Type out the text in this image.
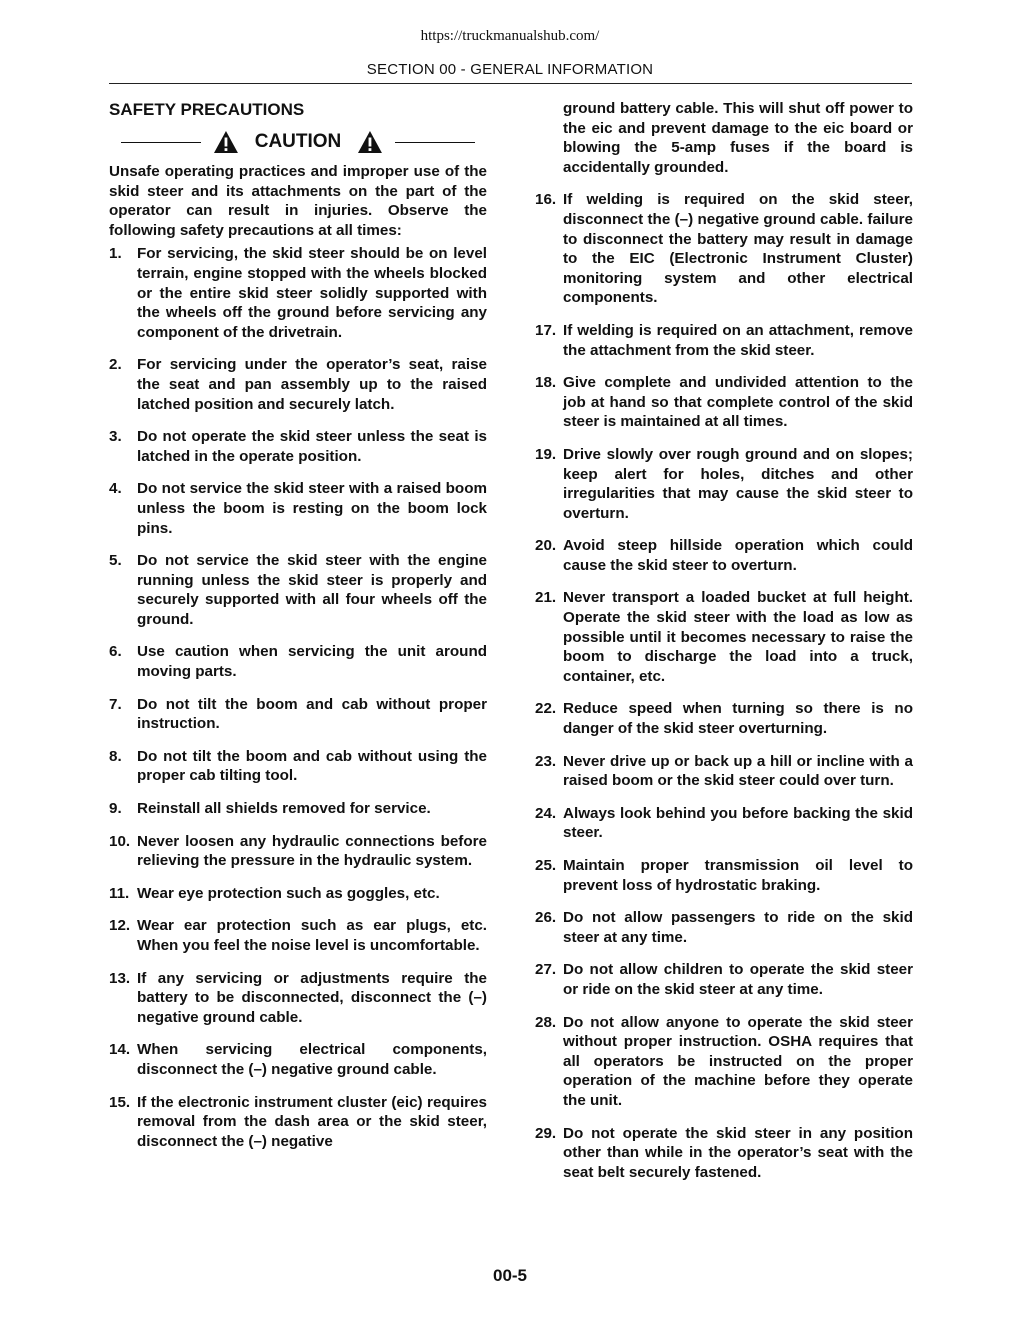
https://truckmanualshub.com/
SECTION 00 - GENERAL INFORMATION
SAFETY PRECAUTIONS
CAUTION

Unsafe operating practices and improper use of the skid steer and its attachments on the part of the operator can result in injuries. Observe the following safety precautions at all times:

1.	For servicing, the skid steer should be on level terrain, engine stopped with the wheels blocked or the entire skid steer solidly supported with the wheels off the ground before servicing any component of the drivetrain.
2.	For servicing under the operator’s seat, raise the seat and pan assembly up to the raised latched position and securely latch.
3.	Do not operate the skid steer unless the seat is latched in the operate position.
4.	Do not service the skid steer with a raised boom unless the boom is resting on the boom lock pins.
5.	Do not service the skid steer with the engine running unless the skid steer is properly and securely supported with all four wheels off the ground.
6.	Use caution when servicing the unit around moving parts.
7.	Do not tilt the boom and cab without proper instruction.
8.	Do not tilt the boom and cab without using the proper cab tilting tool.
9.	Reinstall all shields removed for service.
10. Never loosen any hydraulic connections before relieving the pressure in the hydraulic system.
11. Wear eye protection such as goggles, etc.
12. Wear ear protection such as ear plugs, etc. When you feel the noise level is uncomfortable.
13. If any servicing or adjustments require the battery to be disconnected, disconnect the (–) negative ground cable.
14. When servicing electrical components, disconnect the (–) negative ground cable.
15. If the electronic instrument cluster (eic) requires removal from the dash area or the skid steer, disconnect the (–) negative
ground battery cable. This will shut off power to the eic and prevent damage to the eic board or blowing the 5-amp fuses if the board is accidentally grounded.
16. If welding is required on the skid steer, disconnect the (–) negative ground cable. failure to disconnect the battery may result in damage to the EIC (Electronic Instrument Cluster) monitoring system and other electrical components.
17. If welding is required on an attachment, remove the attachment from the skid steer.
18. Give complete and undivided attention to the job at hand so that complete control of the skid steer is maintained at all times.
19. Drive slowly over rough ground and on slopes; keep alert for holes, ditches and other irregularities that may cause the skid steer to overturn.
20. Avoid steep hillside operation which could cause the skid steer to overturn.
21. Never transport a loaded bucket at full height. Operate the skid steer with the load as low as possible until it becomes necessary to raise the boom to discharge the load into a truck, container, etc.
22. Reduce speed when turning so there is no danger of the skid steer overturning.
23. Never drive up or back up a hill or incline with a raised boom or the skid steer could over turn.
24. Always look behind you before backing the skid steer.
25. Maintain proper transmission oil level to prevent loss of hydrostatic braking.
26. Do not allow passengers to ride on the skid steer at any time.
27. Do not allow children to operate the skid steer or ride on the skid steer at any time.
28. Do not allow anyone to operate the skid steer without proper instruction. OSHA requires that all operators be instructed on the proper operation of the machine before they operate the unit.
29. Do not operate the skid steer in any position other than while in the operator’s seat with the seat belt securely fastened.
00-5
